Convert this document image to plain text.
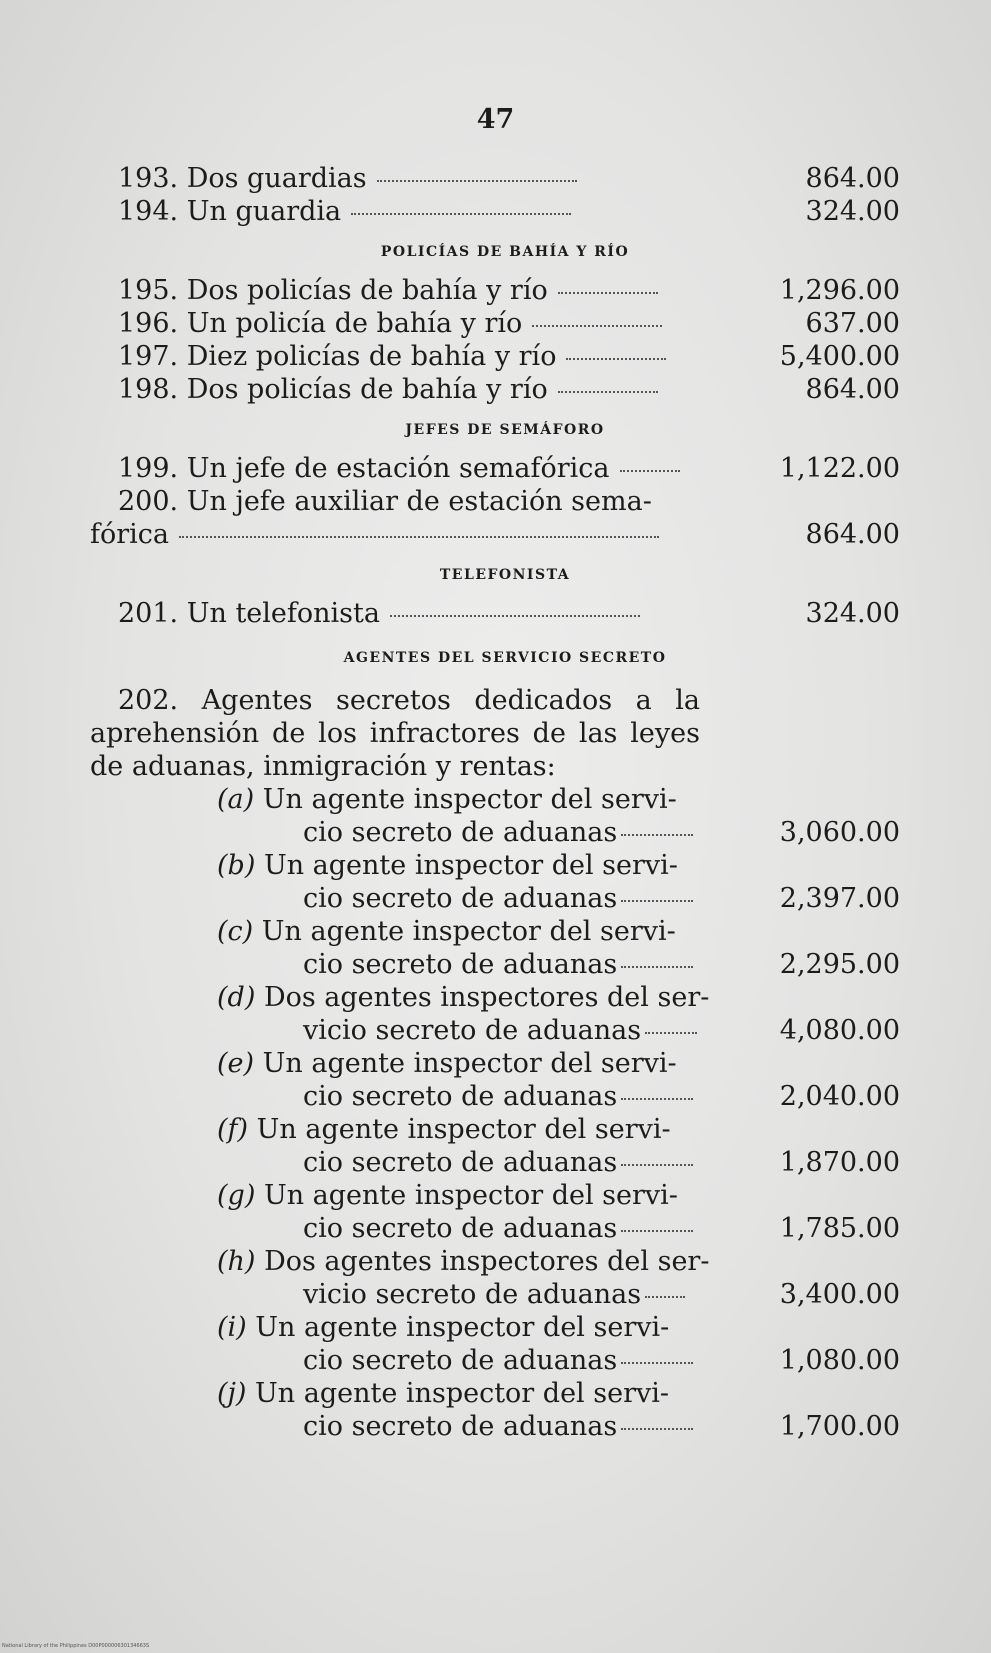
47
193. Dos guardias	864.00
194. Un guardia	324.00
POLICÍAS DE BAHÍA Y RÍO
195. Dos policías de bahía y río	1,296.00
196. Un policía de bahía y río	637.00
197. Diez policías de bahía y río	5,400.00
198. Dos policías de bahía y río	864.00
JEFES DE SEMÁFORO
199. Un jefe de estación semafórica	1,122.00
200. Un jefe auxiliar de estación sema-
fórica	864.00
TELEFONISTA
201. Un telefonista	324.00
AGENTES DEL SERVICIO SECRETO
202. Agentes secretos dedicados a la aprehensión de los infractores de las leyes de aduanas, inmigración y rentas:
(a) Un agente inspector del servi-
cio secreto de aduanas	3,060.00
(b) Un agente inspector del servi-
cio secreto de aduanas	2,397.00
(c) Un agente inspector del servi-
cio secreto de aduanas	2,295.00
(d) Dos agentes inspectores del ser-
vicio secreto de aduanas	4,080.00
(e) Un agente inspector del servi-
cio secreto de aduanas	2,040.00
(f) Un agente inspector del servi-
cio secreto de aduanas	1,870.00
(g) Un agente inspector del servi-
cio secreto de aduanas	1,785.00
(h) Dos agentes inspectores del ser-
vicio secreto de aduanas	3,400.00
(i) Un agente inspector del servi-
cio secreto de aduanas	1,080.00
(j) Un agente inspector del servi-
cio secreto de aduanas	1,700.00
National Library of the Philippines D00P00000630134663S
